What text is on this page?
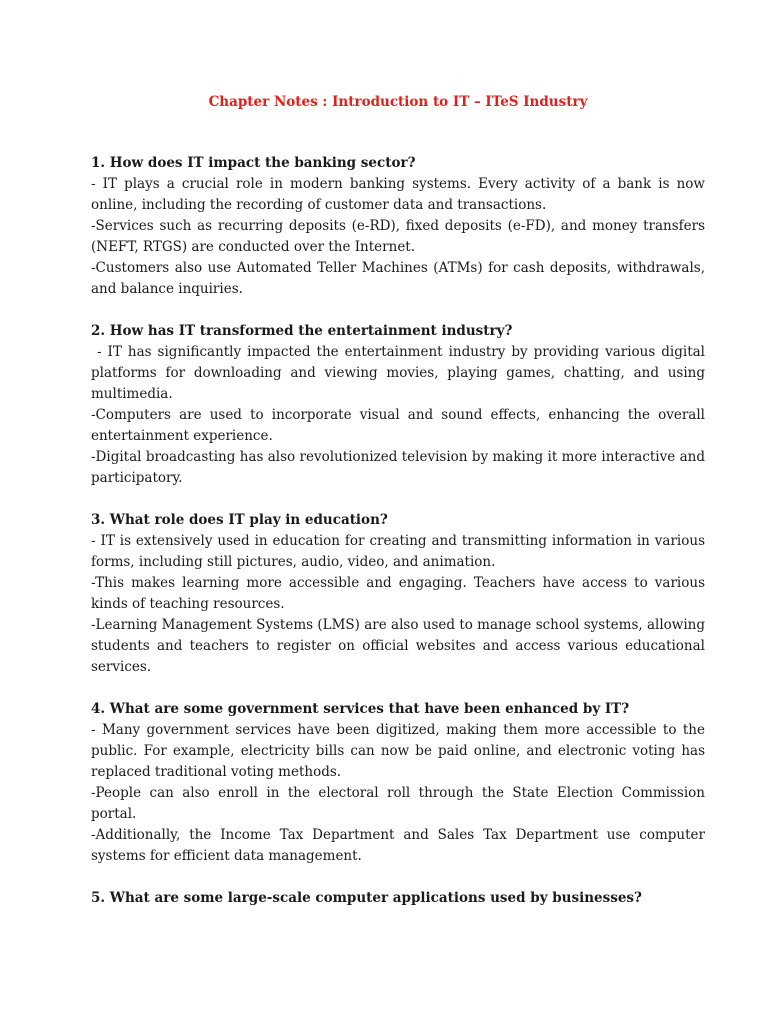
Chapter Notes : Introduction to IT – ITeS Industry

1. How does IT impact the banking sector?

- IT plays a crucial role in modern banking systems. Every activity of a bank is now online, including the recording of customer data and transactions.

-Services such as recurring deposits (e-RD), fixed deposits (e-FD), and money transfers (NEFT, RTGS) are conducted over the Internet.

-Customers also use Automated Teller Machines (ATMs) for cash deposits, withdrawals, and balance inquiries.

2. How has IT transformed the entertainment industry?

- IT has significantly impacted the entertainment industry by providing various digital platforms for downloading and viewing movies, playing games, chatting, and using multimedia.

-Computers are used to incorporate visual and sound effects, enhancing the overall entertainment experience.

-Digital broadcasting has also revolutionized television by making it more interactive and participatory.

3. What role does IT play in education?

- IT is extensively used in education for creating and transmitting information in various forms, including still pictures, audio, video, and animation.

-This makes learning more accessible and engaging. Teachers have access to various kinds of teaching resources.

-Learning Management Systems (LMS) are also used to manage school systems, allowing students and teachers to register on official websites and access various educational services.

4. What are some government services that have been enhanced by IT?

- Many government services have been digitized, making them more accessible to the public. For example, electricity bills can now be paid online, and electronic voting has replaced traditional voting methods.

-People can also enroll in the electoral roll through the State Election Commission portal.

-Additionally, the Income Tax Department and Sales Tax Department use computer systems for efficient data management.

5. What are some large-scale computer applications used by businesses?
